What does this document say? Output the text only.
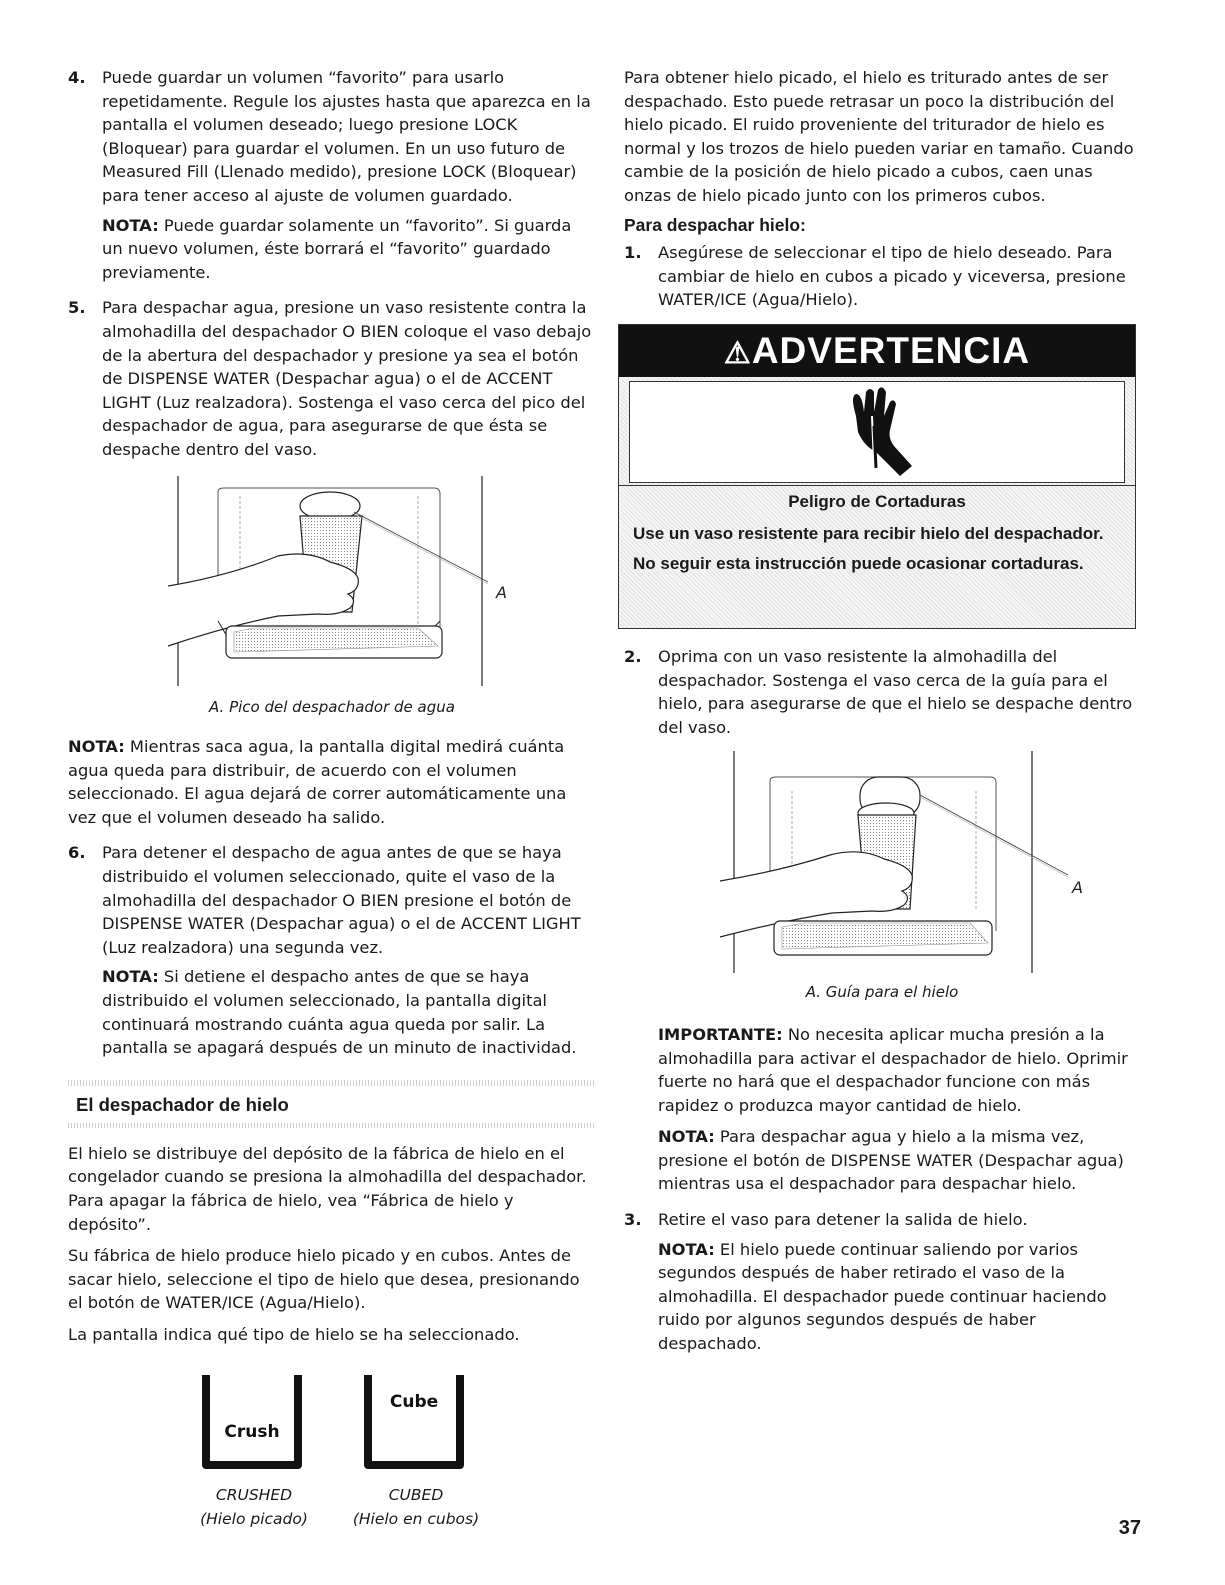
4. Puede guardar un volumen “favorito” para usarlo repetidamente. Regule los ajustes hasta que aparezca en la pantalla el volumen deseado; luego presione LOCK (Bloquear) para guardar el volumen. En un uso futuro de Measured Fill (Llenado medido), presione LOCK (Bloquear) para tener acceso al ajuste de volumen guardado.

NOTA: Puede guardar solamente un “favorito”. Si guarda un nuevo volumen, éste borrará el “favorito” guardado previamente.

5. Para despachar agua, presione un vaso resistente contra la almohadilla del despachador O BIEN coloque el vaso debajo de la abertura del despachador y presione ya sea el botón de DISPENSE WATER (Despachar agua) o el de ACCENT LIGHT (Luz realzadora). Sostenga el vaso cerca del pico del despachador de agua, para asegurarse de que ésta se despache dentro del vaso.

A

A. Pico del despachador de agua

NOTA: Mientras saca agua, la pantalla digital medirá cuánta agua queda para distribuir, de acuerdo con el volumen seleccionado. El agua dejará de correr automáticamente una vez que el volumen deseado ha salido.

6. Para detener el despacho de agua antes de que se haya distribuido el volumen seleccionado, quite el vaso de la almohadilla del despachador O BIEN presione el botón de DISPENSE WATER (Despachar agua) o el de ACCENT LIGHT (Luz realzadora) una segunda vez.

NOTA: Si detiene el despacho antes de que se haya distribuido el volumen seleccionado, la pantalla digital continuará mostrando cuánta agua queda por salir. La pantalla se apagará después de un minuto de inactividad.

El despachador de hielo

El hielo se distribuye del depósito de la fábrica de hielo en el congelador cuando se presiona la almohadilla del despachador. Para apagar la fábrica de hielo, vea “Fábrica de hielo y depósito”.

Su fábrica de hielo produce hielo picado y en cubos. Antes de sacar hielo, seleccione el tipo de hielo que desea, presionando el botón de WATER/ICE (Agua/Hielo).

La pantalla indica qué tipo de hielo se ha seleccionado.

Crush
Cube
CRUSHED
(Hielo picado)
CUBED
(Hielo en cubos)

Para obtener hielo picado, el hielo es triturado antes de ser despachado. Esto puede retrasar un poco la distribución del hielo picado. El ruido proveniente del triturador de hielo es normal y los trozos de hielo pueden variar en tamaño. Cuando cambie de la posición de hielo picado a cubos, caen unas onzas de hielo picado junto con los primeros cubos.

Para despachar hielo:

1. Asegúrese de seleccionar el tipo de hielo deseado. Para cambiar de hielo en cubos a picado y viceversa, presione WATER/ICE (Agua/Hielo).

⚠ADVERTENCIA

Peligro de Cortaduras

Use un vaso resistente para recibir hielo del despachador.

No seguir esta instrucción puede ocasionar cortaduras.

2. Oprima con un vaso resistente la almohadilla del despachador. Sostenga el vaso cerca de la guía para el hielo, para asegurarse de que el hielo se despache dentro del vaso.

A

A. Guía para el hielo

IMPORTANTE: No necesita aplicar mucha presión a la almohadilla para activar el despachador de hielo. Oprimir fuerte no hará que el despachador funcione con más rapidez o produzca mayor cantidad de hielo.

NOTA: Para despachar agua y hielo a la misma vez, presione el botón de DISPENSE WATER (Despachar agua) mientras usa el despachador para despachar hielo.

3. Retire el vaso para detener la salida de hielo.

NOTA: El hielo puede continuar saliendo por varios segundos después de haber retirado el vaso de la almohadilla. El despachador puede continuar haciendo ruido por algunos segundos después de haber despachado.

37
